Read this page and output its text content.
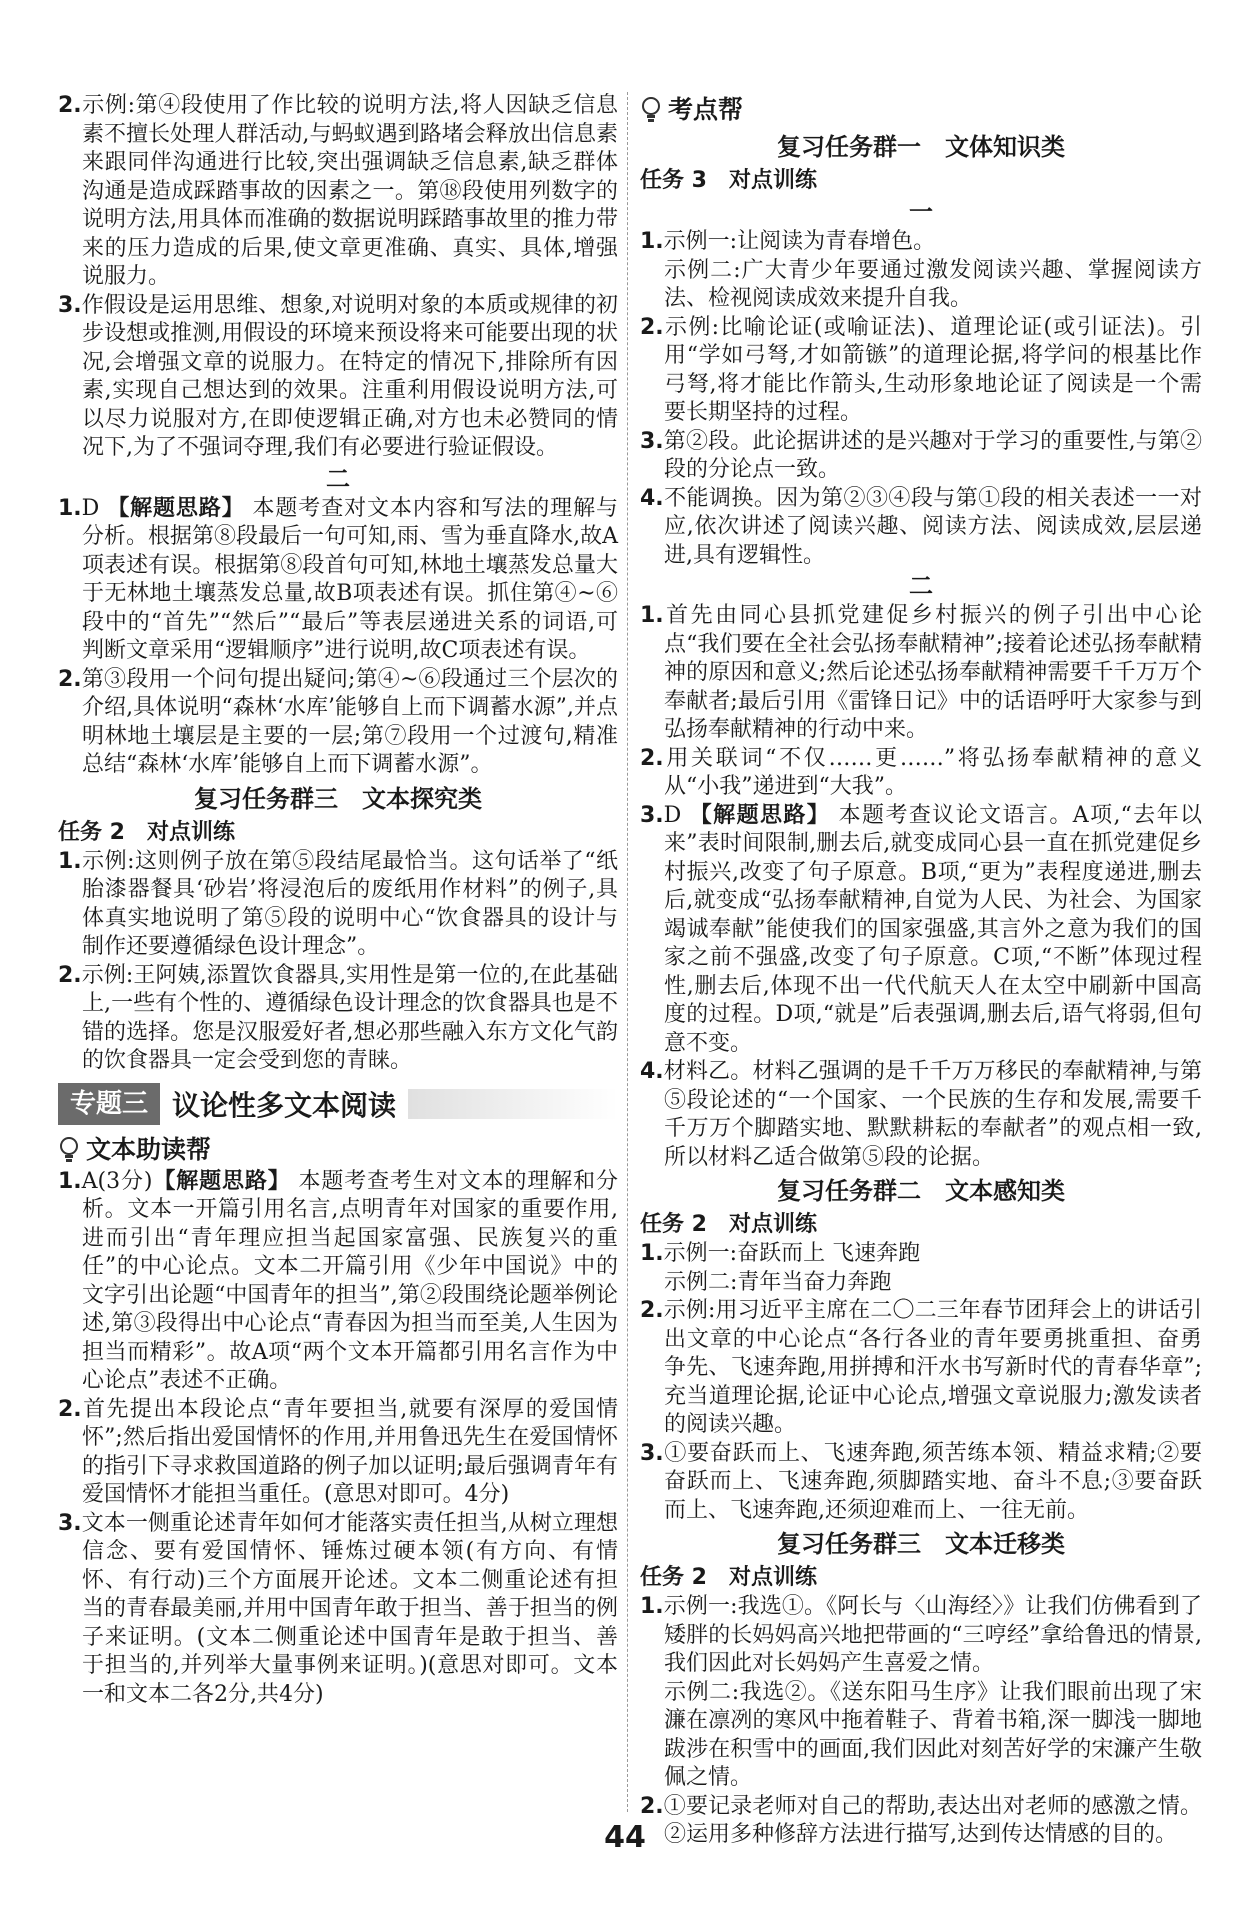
2.示例:第④段使用了作比较的说明方法,将人因缺乏信息素不擅长处理人群活动,与蚂蚁遇到路堵会释放出信息素来跟同伴沟通进行比较,突出强调缺乏信息素,缺乏群体沟通是造成踩踏事故的因素之一。第⑱段使用列数字的说明方法,用具体而准确的数据说明踩踏事故里的推力带来的压力造成的后果,使文章更准确、真实、具体,增强说服力。
3.作假设是运用思维、想象,对说明对象的本质或规律的初步设想或推测,用假设的环境来预设将来可能要出现的状况,会增强文章的说服力。在特定的情况下,排除所有因素,实现自己想达到的效果。注重利用假设说明方法,可以尽力说服对方,在即使逻辑正确,对方也未必赞同的情况下,为了不强词夺理,我们有必要进行验证假设。
二
1.D 【解题思路】 本题考查对文本内容和写法的理解与分析。根据第⑧段最后一句可知,雨、雪为垂直降水,故A项表述有误。根据第⑧段首句可知,林地土壤蒸发总量大于无林地土壤蒸发总量,故B项表述有误。抓住第④~⑥段中的“首先”“然后”“最后”等表层递进关系的词语,可判断文章采用“逻辑顺序”进行说明,故C项表述有误。
2.第③段用一个问句提出疑问;第④~⑥段通过三个层次的介绍,具体说明“森林‘水库’能够自上而下调蓄水源”,并点明林地土壤层是主要的一层;第⑦段用一个过渡句,精准总结“森林‘水库’能够自上而下调蓄水源”。
复习任务群三　文本探究类
任务 2　对点训练
1.示例:这则例子放在第⑤段结尾最恰当。这句话举了“纸胎漆器餐具‘砂岩’将浸泡后的废纸用作材料”的例子,具体真实地说明了第⑤段的说明中心“饮食器具的设计与制作还要遵循绿色设计理念”。
2.示例:王阿姨,添置饮食器具,实用性是第一位的,在此基础上,一些有个性的、遵循绿色设计理念的饮食器具也是不错的选择。您是汉服爱好者,想必那些融入东方文化气韵的饮食器具一定会受到您的青睐。
专题三 议论性多文本阅读
文本助读帮
1.A(3分)【解题思路】 本题考查考生对文本的理解和分析。文本一开篇引用名言,点明青年对国家的重要作用,进而引出“青年理应担当起国家富强、民族复兴的重任”的中心论点。文本二开篇引用《少年中国说》中的文字引出论题“中国青年的担当”,第②段围绕论题举例论述,第③段得出中心论点“青春因为担当而至美,人生因为担当而精彩”。故A项“两个文本开篇都引用名言作为中心论点”表述不正确。
2.首先提出本段论点“青年要担当,就要有深厚的爱国情怀”;然后指出爱国情怀的作用,并用鲁迅先生在爱国情怀的指引下寻求救国道路的例子加以证明;最后强调青年有爱国情怀才能担当重任。(意思对即可。4分)
3.文本一侧重论述青年如何才能落实责任担当,从树立理想信念、要有爱国情怀、锤炼过硬本领(有方向、有情怀、有行动)三个方面展开论述。文本二侧重论述有担当的青春最美丽,并用中国青年敢于担当、善于担当的例子来证明。(文本二侧重论述中国青年是敢于担当、善于担当的,并列举大量事例来证明。)(意思对即可。文本一和文本二各2分,共4分)
考点帮
复习任务群一　文体知识类
任务 3　对点训练
一
1.示例一:让阅读为青春增色。
示例二:广大青少年要通过激发阅读兴趣、掌握阅读方法、检视阅读成效来提升自我。
2.示例:比喻论证(或喻证法)、道理论证(或引证法)。引用“学如弓弩,才如箭镞”的道理论据,将学问的根基比作弓弩,将才能比作箭头,生动形象地论证了阅读是一个需要长期坚持的过程。
3.第②段。此论据讲述的是兴趣对于学习的重要性,与第②段的分论点一致。
4.不能调换。因为第②③④段与第①段的相关表述一一对应,依次讲述了阅读兴趣、阅读方法、阅读成效,层层递进,具有逻辑性。
二
1.首先由同心县抓党建促乡村振兴的例子引出中心论点“我们要在全社会弘扬奉献精神”;接着论述弘扬奉献精神的原因和意义;然后论述弘扬奉献精神需要千千万万个奉献者;最后引用《雷锋日记》中的话语呼吁大家参与到弘扬奉献精神的行动中来。
2.用关联词“不仅……更……”将弘扬奉献精神的意义从“小我”递进到“大我”。
3.D 【解题思路】 本题考查议论文语言。A项,“去年以来”表时间限制,删去后,就变成同心县一直在抓党建促乡村振兴,改变了句子原意。B项,“更为”表程度递进,删去后,就变成“弘扬奉献精神,自觉为人民、为社会、为国家竭诚奉献”能使我们的国家强盛,其言外之意为我们的国家之前不强盛,改变了句子原意。C项,“不断”体现过程性,删去后,体现不出一代代航天人在太空中刷新中国高度的过程。D项,“就是”后表强调,删去后,语气将弱,但句意不变。
4.材料乙。材料乙强调的是千千万万移民的奉献精神,与第⑤段论述的“一个国家、一个民族的生存和发展,需要千千万万个脚踏实地、默默耕耘的奉献者”的观点相一致,所以材料乙适合做第⑤段的论据。
复习任务群二　文本感知类
任务 2　对点训练
1.示例一:奋跃而上 飞速奔跑
示例二:青年当奋力奔跑
2.示例:用习近平主席在二〇二三年春节团拜会上的讲话引出文章的中心论点“各行各业的青年要勇挑重担、奋勇争先、飞速奔跑,用拼搏和汗水书写新时代的青春华章”;充当道理论据,论证中心论点,增强文章说服力;激发读者的阅读兴趣。
3.①要奋跃而上、飞速奔跑,须苦练本领、精益求精;②要奋跃而上、飞速奔跑,须脚踏实地、奋斗不息;③要奋跃而上、飞速奔跑,还须迎难而上、一往无前。
复习任务群三　文本迁移类
任务 2　对点训练
1.示例一:我选①。《阿长与〈山海经〉》让我们仿佛看到了矮胖的长妈妈高兴地把带画的“三哼经”拿给鲁迅的情景,我们因此对长妈妈产生喜爱之情。
示例二:我选②。《送东阳马生序》让我们眼前出现了宋濂在凛冽的寒风中拖着鞋子、背着书箱,深一脚浅一脚地跋涉在积雪中的画面,我们因此对刻苦好学的宋濂产生敬佩之情。
2.①要记录老师对自己的帮助,表达出对老师的感激之情。②运用多种修辞方法进行描写,达到传达情感的目的。
44
